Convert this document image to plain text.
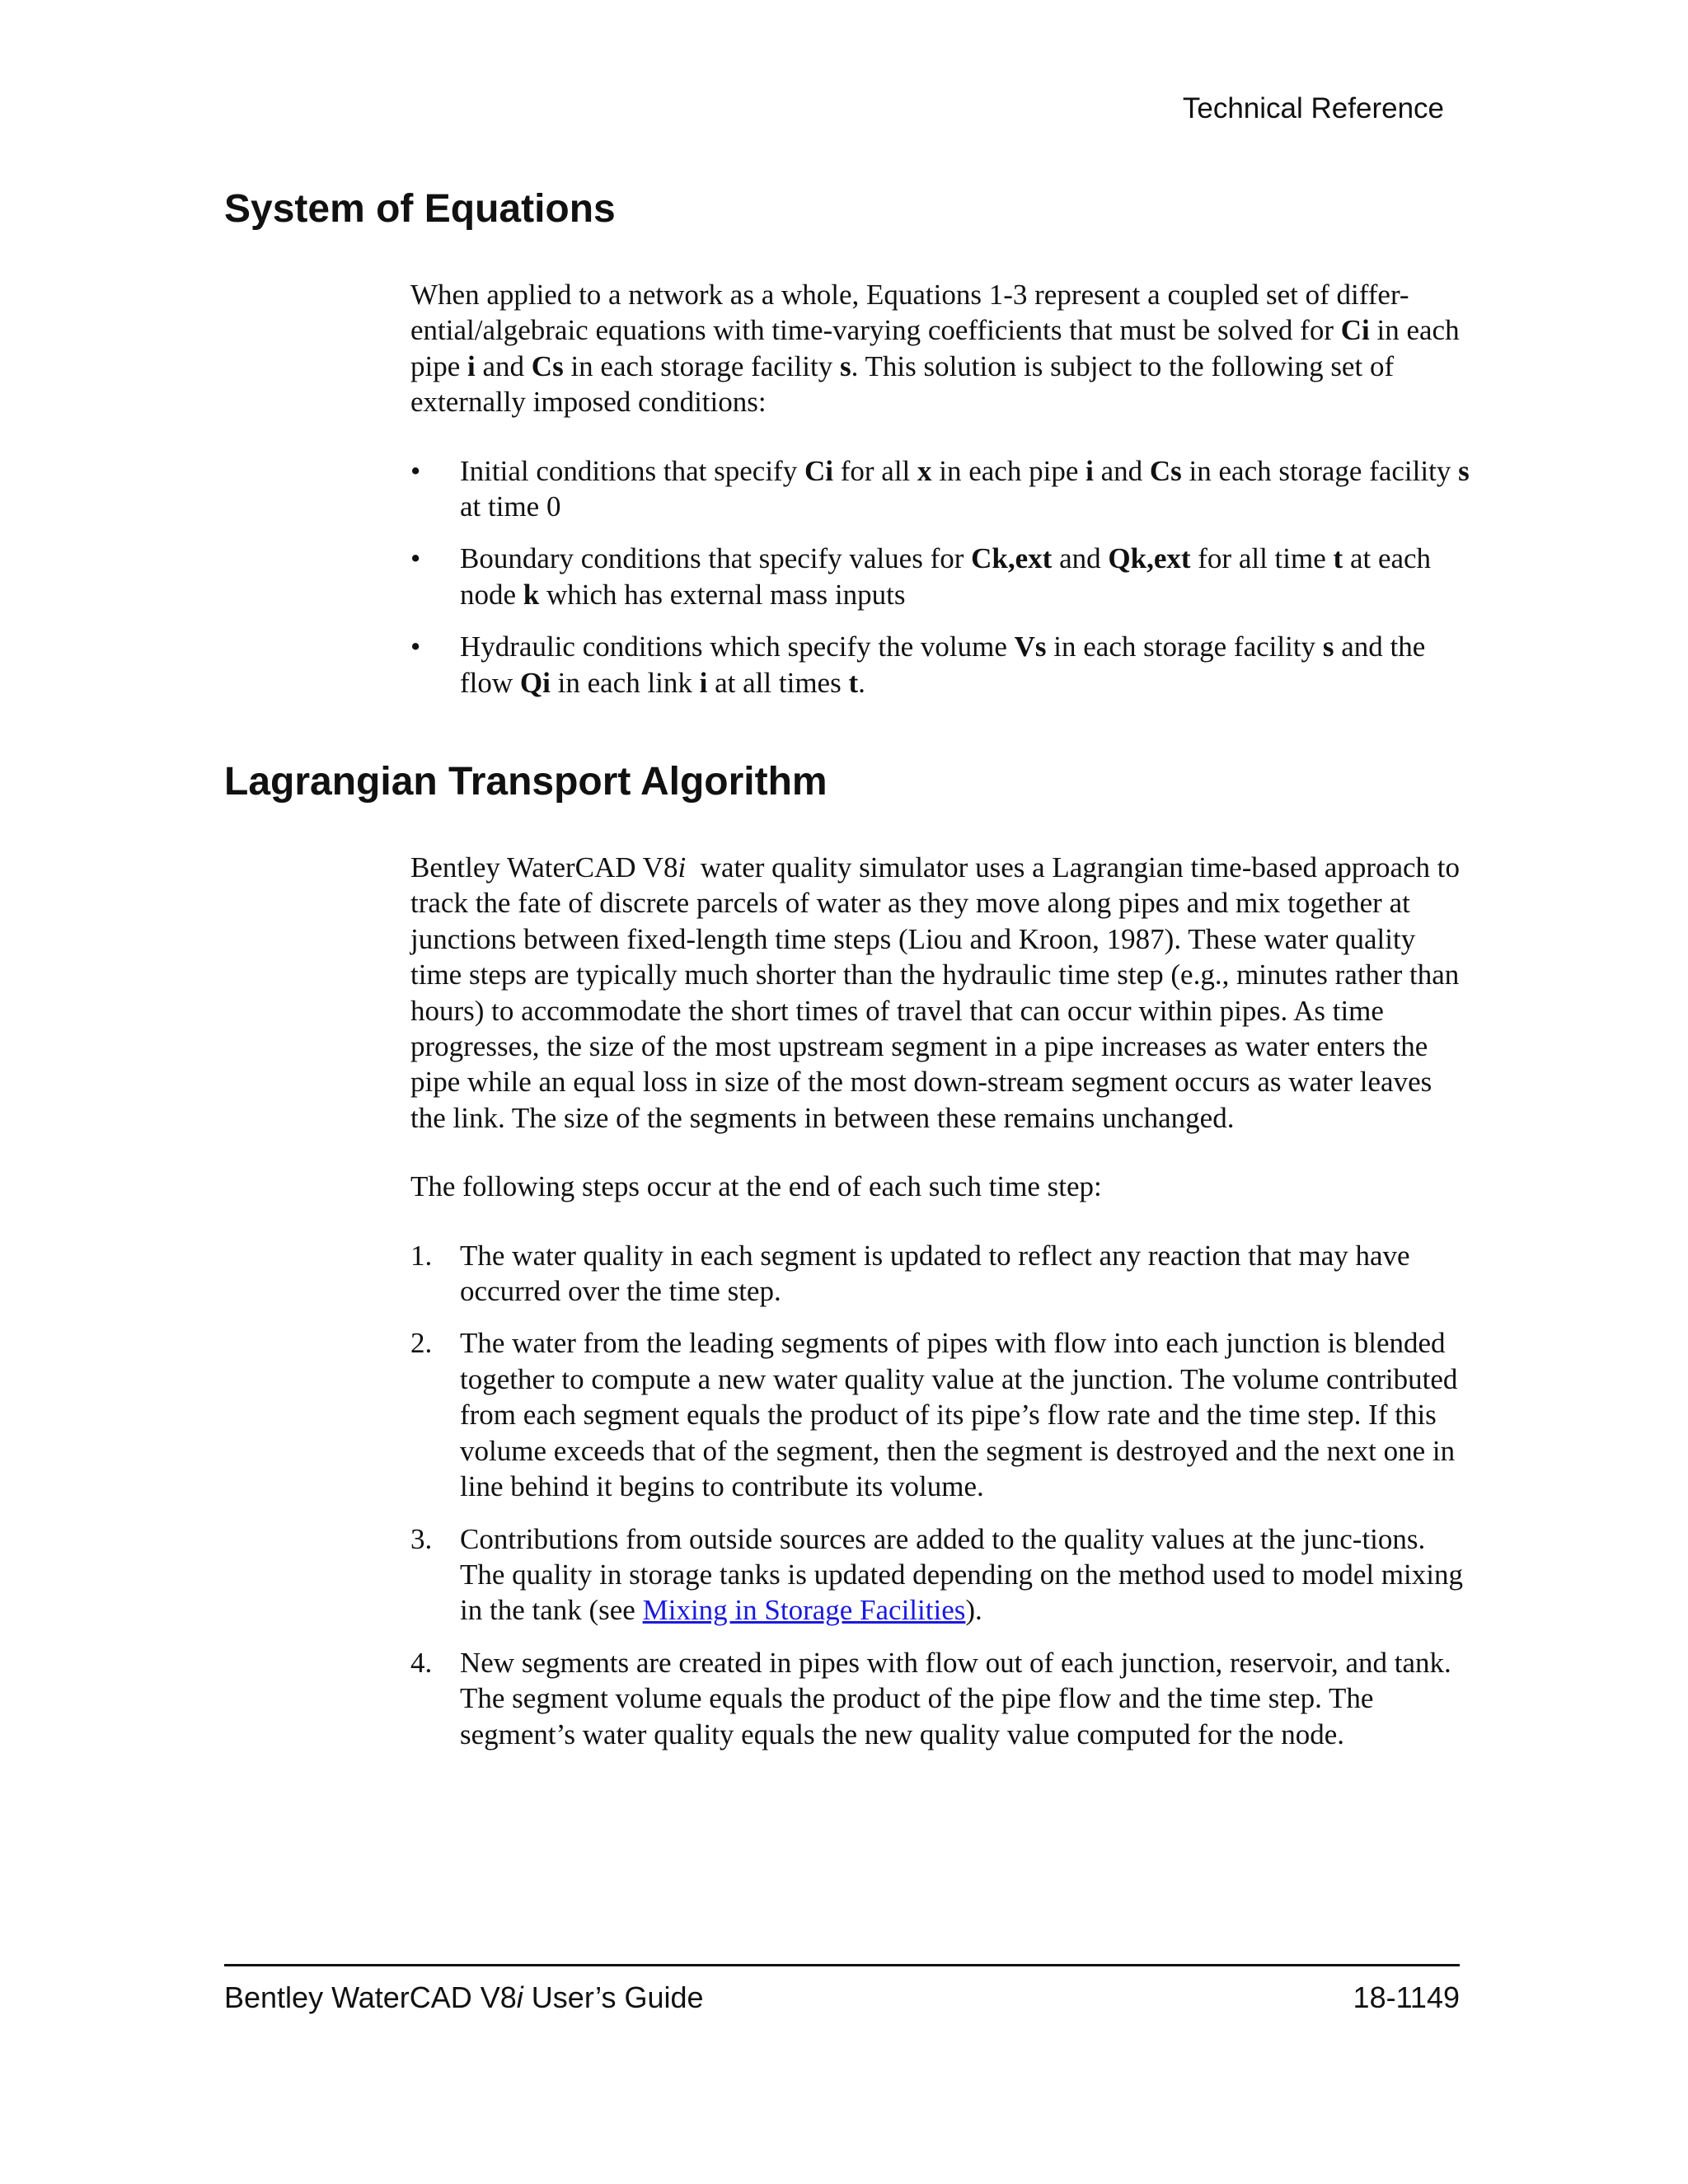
Technical Reference
System of Equations

When applied to a network as a whole, Equations 1-3 represent a coupled set of differ-ential/algebraic equations with time-varying coefficients that must be solved for Ci in each pipe i and Cs in each storage facility s. This solution is subject to the following set of externally imposed conditions:

• Initial conditions that specify Ci for all x in each pipe i and Cs in each storage facility s at time 0
• Boundary conditions that specify values for Ck,ext and Qk,ext for all time t at each node k which has external mass inputs
• Hydraulic conditions which specify the volume Vs in each storage facility s and the flow Qi in each link i at all times t.
Lagrangian Transport Algorithm

Bentley WaterCAD V8i  water quality simulator uses a Lagrangian time-based approach to track the fate of discrete parcels of water as they move along pipes and mix together at junctions between fixed-length time steps (Liou and Kroon, 1987). These water quality time steps are typically much shorter than the hydraulic time step (e.g., minutes rather than hours) to accommodate the short times of travel that can occur within pipes. As time progresses, the size of the most upstream segment in a pipe increases as water enters the pipe while an equal loss in size of the most down-stream segment occurs as water leaves the link. The size of the segments in between these remains unchanged.

The following steps occur at the end of each such time step:

1. The water quality in each segment is updated to reflect any reaction that may have occurred over the time step.
2. The water from the leading segments of pipes with flow into each junction is blended together to compute a new water quality value at the junction. The volume contributed from each segment equals the product of its pipe’s flow rate and the time step. If this volume exceeds that of the segment, then the segment is destroyed and the next one in line behind it begins to contribute its volume.
3. Contributions from outside sources are added to the quality values at the junc-tions. The quality in storage tanks is updated depending on the method used to model mixing in the tank (see Mixing in Storage Facilities).
4. New segments are created in pipes with flow out of each junction, reservoir, and tank. The segment volume equals the product of the pipe flow and the time step. The segment’s water quality equals the new quality value computed for the node.
Bentley WaterCAD V8i User’s Guide	18-1149
